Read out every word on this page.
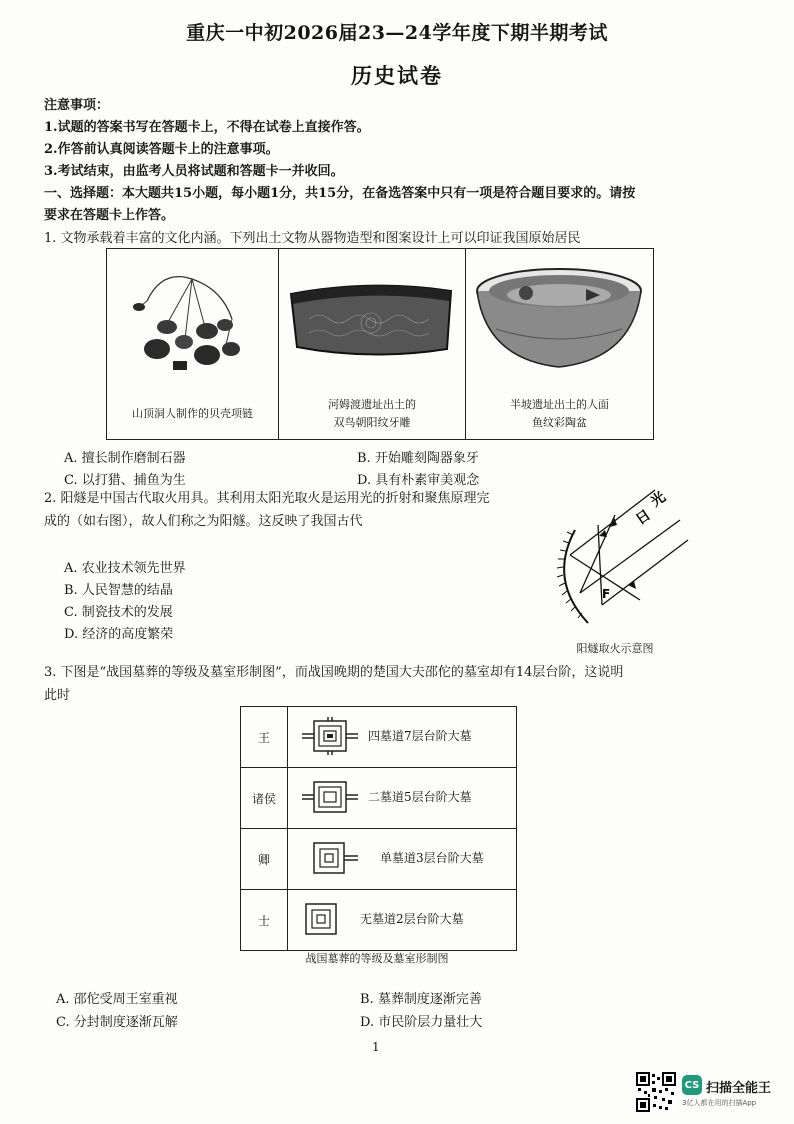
重庆一中初2026届23—24学年度下期半期考试
历史试卷
注意事项：
1.试题的答案书写在答题卡上，不得在试卷上直接作答。
2.作答前认真阅读答题卡上的注意事项。
3.考试结束，由监考人员将试题和答题卡一并收回。
一、选择题：本大题共15小题，每小题1分，共15分，在备选答案中只有一项是符合题目要求的。请按
要求在答题卡上作答。
1. 文物承载着丰富的文化内涵。下列出土文物从器物造型和图案设计上可以印证我国原始居民
山顶洞人制作的贝壳项链

河姆渡遗址出土的
双鸟朝阳纹牙雕

半坡遗址出土的人面
鱼纹彩陶盆
A. 擅长制作磨制石器	B. 开始雕刻陶器象牙
C. 以打猎、捕鱼为生	D. 具有朴素审美观念
2. 阳燧是中国古代取火用具。其利用太阳光取火是运用光的折射和聚焦原理完
成的（如右图），故人们称之为阳燧。这反映了我国古代
A. 农业技术领先世界
B. 人民智慧的结晶
C. 制瓷技术的发展
D. 经济的高度繁荣
F
日
光
阳燧取火示意图
3. 下图是“战国墓葬的等级及墓室形制图”，而战国晚期的楚国大夫邵佗的墓室却有14层台阶，这说明
此时
王	四墓道7层台阶大墓

诸侯	二墓道5层台阶大墓

卿	单墓道3层台阶大墓

士	无墓道2层台阶大墓
战国墓葬的等级及墓室形制图
A. 邵佗受周王室重视	B. 墓葬制度逐渐完善
C. 分封制度逐渐瓦解	D. 市民阶层力量壮大
1
CS 扫描全能王
3亿人都在用的扫描App
